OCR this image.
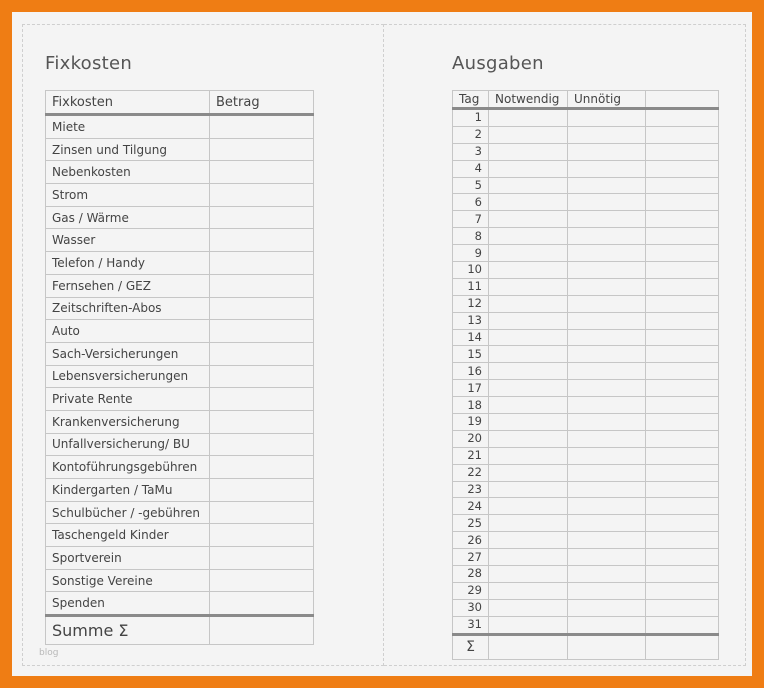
Fixkosten
Fixkosten	Betrag
Miete	
Zinsen und Tilgung	
Nebenkosten	
Strom	
Gas / Wärme	
Wasser	
Telefon / Handy	
Fernsehen / GEZ	
Zeitschriften-Abos	
Auto	
Sach-Versicherungen	
Lebensversicherungen	
Private Rente	
Krankenversicherung	
Unfallversicherung/ BU	
Kontoführungsgebühren	
Kindergarten / TaMu	
Schulbücher / -gebühren	
Taschengeld Kinder	
Sportverein	
Sonstige Vereine	
Spenden	
Summe Σ	
blog
Ausgaben
Tag	Notwendig	Unnötig	
1			
2			
3			
4			
5			
6			
7			
8			
9			
10			
11			
12			
13			
14			
15			
16			
17			
18			
19			
20			
21			
22			
23			
24			
25			
26			
27			
28			
29			
30			
31			
Σ			
